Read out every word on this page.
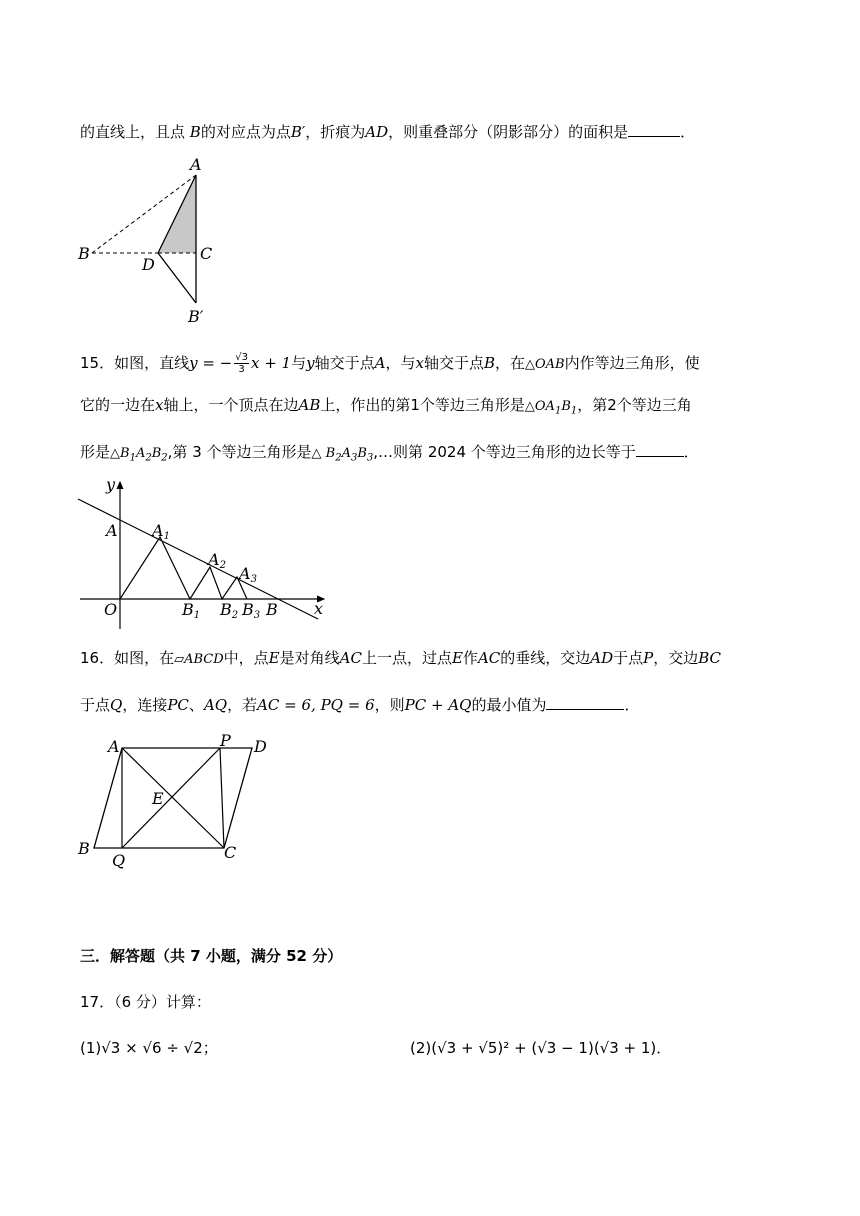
的直线上，且点 B的对应点为点B′，折痕为AD，则重叠部分（阴影部分）的面积是	．
A
B
D
C
B′
15．如图，直线y = − $\frac{√3}{3}$ x + 1与y轴交于点A，与x轴交于点B，在△OAB内作等边三角形，使
它的一边在x轴上，一个顶点在边AB上，作出的第1个等边三角形是$\triangle OA_1B_1$，第2个等边三角
形是$\triangle B_1A_2B_2$,第 3 个等边三角形是△ $B_2A_3B_3,\dots$则第 2024 个等边三角形的边长等于	．
y
x
A
O
A1
A2 A3
B1 B2 B3 B
16．如图，在▱ABCD中，点E是对角线AC上一点，过点E作AC的垂线，交边AD于点P，交边BC
于点Q，连接PC、AQ，若AC = 6, PQ = 6，则PC + AQ的最小值为	．
A	P D
E
B
Q	C
三．解答题（共 7 小题，满分 52 分）
17．（6 分）计算：
(1)√3 × √6 ÷ √2；	(2)(√3 + √5)² + (√3 − 1)(√3 + 1)．
